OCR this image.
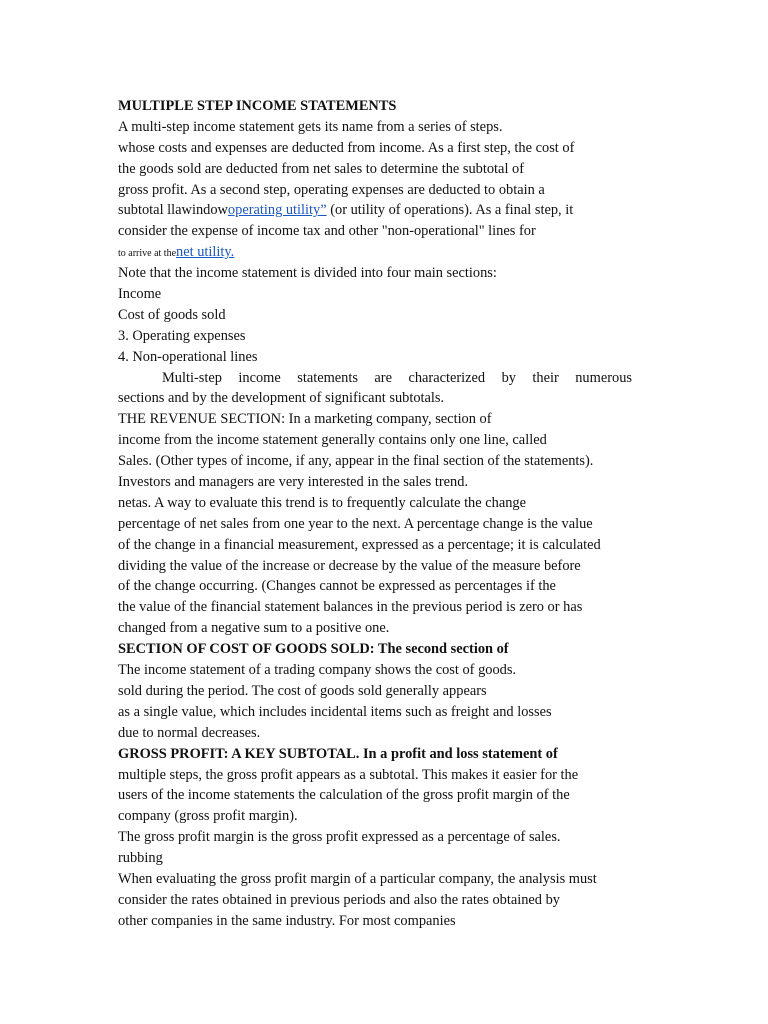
MULTIPLE STEP INCOME STATEMENTS
A multi-step income statement gets its name from a series of steps.
whose costs and expenses are deducted from income. As a first step, the cost of
the goods sold are deducted from net sales to determine the subtotal of
gross profit. As a second step, operating expenses are deducted to obtain a
subtotal llawindowoperating utility” (or utility of operations). As a final step, it
consider the expense of income tax and other "non-operational" lines for
to arrive at thenet utility.
Note that the income statement is divided into four main sections:
Income
Cost of goods sold
3. Operating expenses
4. Non-operational lines
Multi-step income statements are characterized by their numerous
sections and by the development of significant subtotals.
THE REVENUE SECTION: In a marketing company, section of
income from the income statement generally contains only one line, called
Sales. (Other types of income, if any, appear in the final section of the statements).
Investors and managers are very interested in the sales trend.
netas. A way to evaluate this trend is to frequently calculate the change
percentage of net sales from one year to the next. A percentage change is the value
of the change in a financial measurement, expressed as a percentage; it is calculated
dividing the value of the increase or decrease by the value of the measure before
of the change occurring. (Changes cannot be expressed as percentages if the
the value of the financial statement balances in the previous period is zero or has
changed from a negative sum to a positive one.
SECTION OF COST OF GOODS SOLD: The second section of
The income statement of a trading company shows the cost of goods.
sold during the period. The cost of goods sold generally appears
as a single value, which includes incidental items such as freight and losses
due to normal decreases.
GROSS PROFIT: A KEY SUBTOTAL. In a profit and loss statement of
multiple steps, the gross profit appears as a subtotal. This makes it easier for the
users of the income statements the calculation of the gross profit margin of the
company (gross profit margin).
The gross profit margin is the gross profit expressed as a percentage of sales.
rubbing
When evaluating the gross profit margin of a particular company, the analysis must
consider the rates obtained in previous periods and also the rates obtained by
other companies in the same industry. For most companies
